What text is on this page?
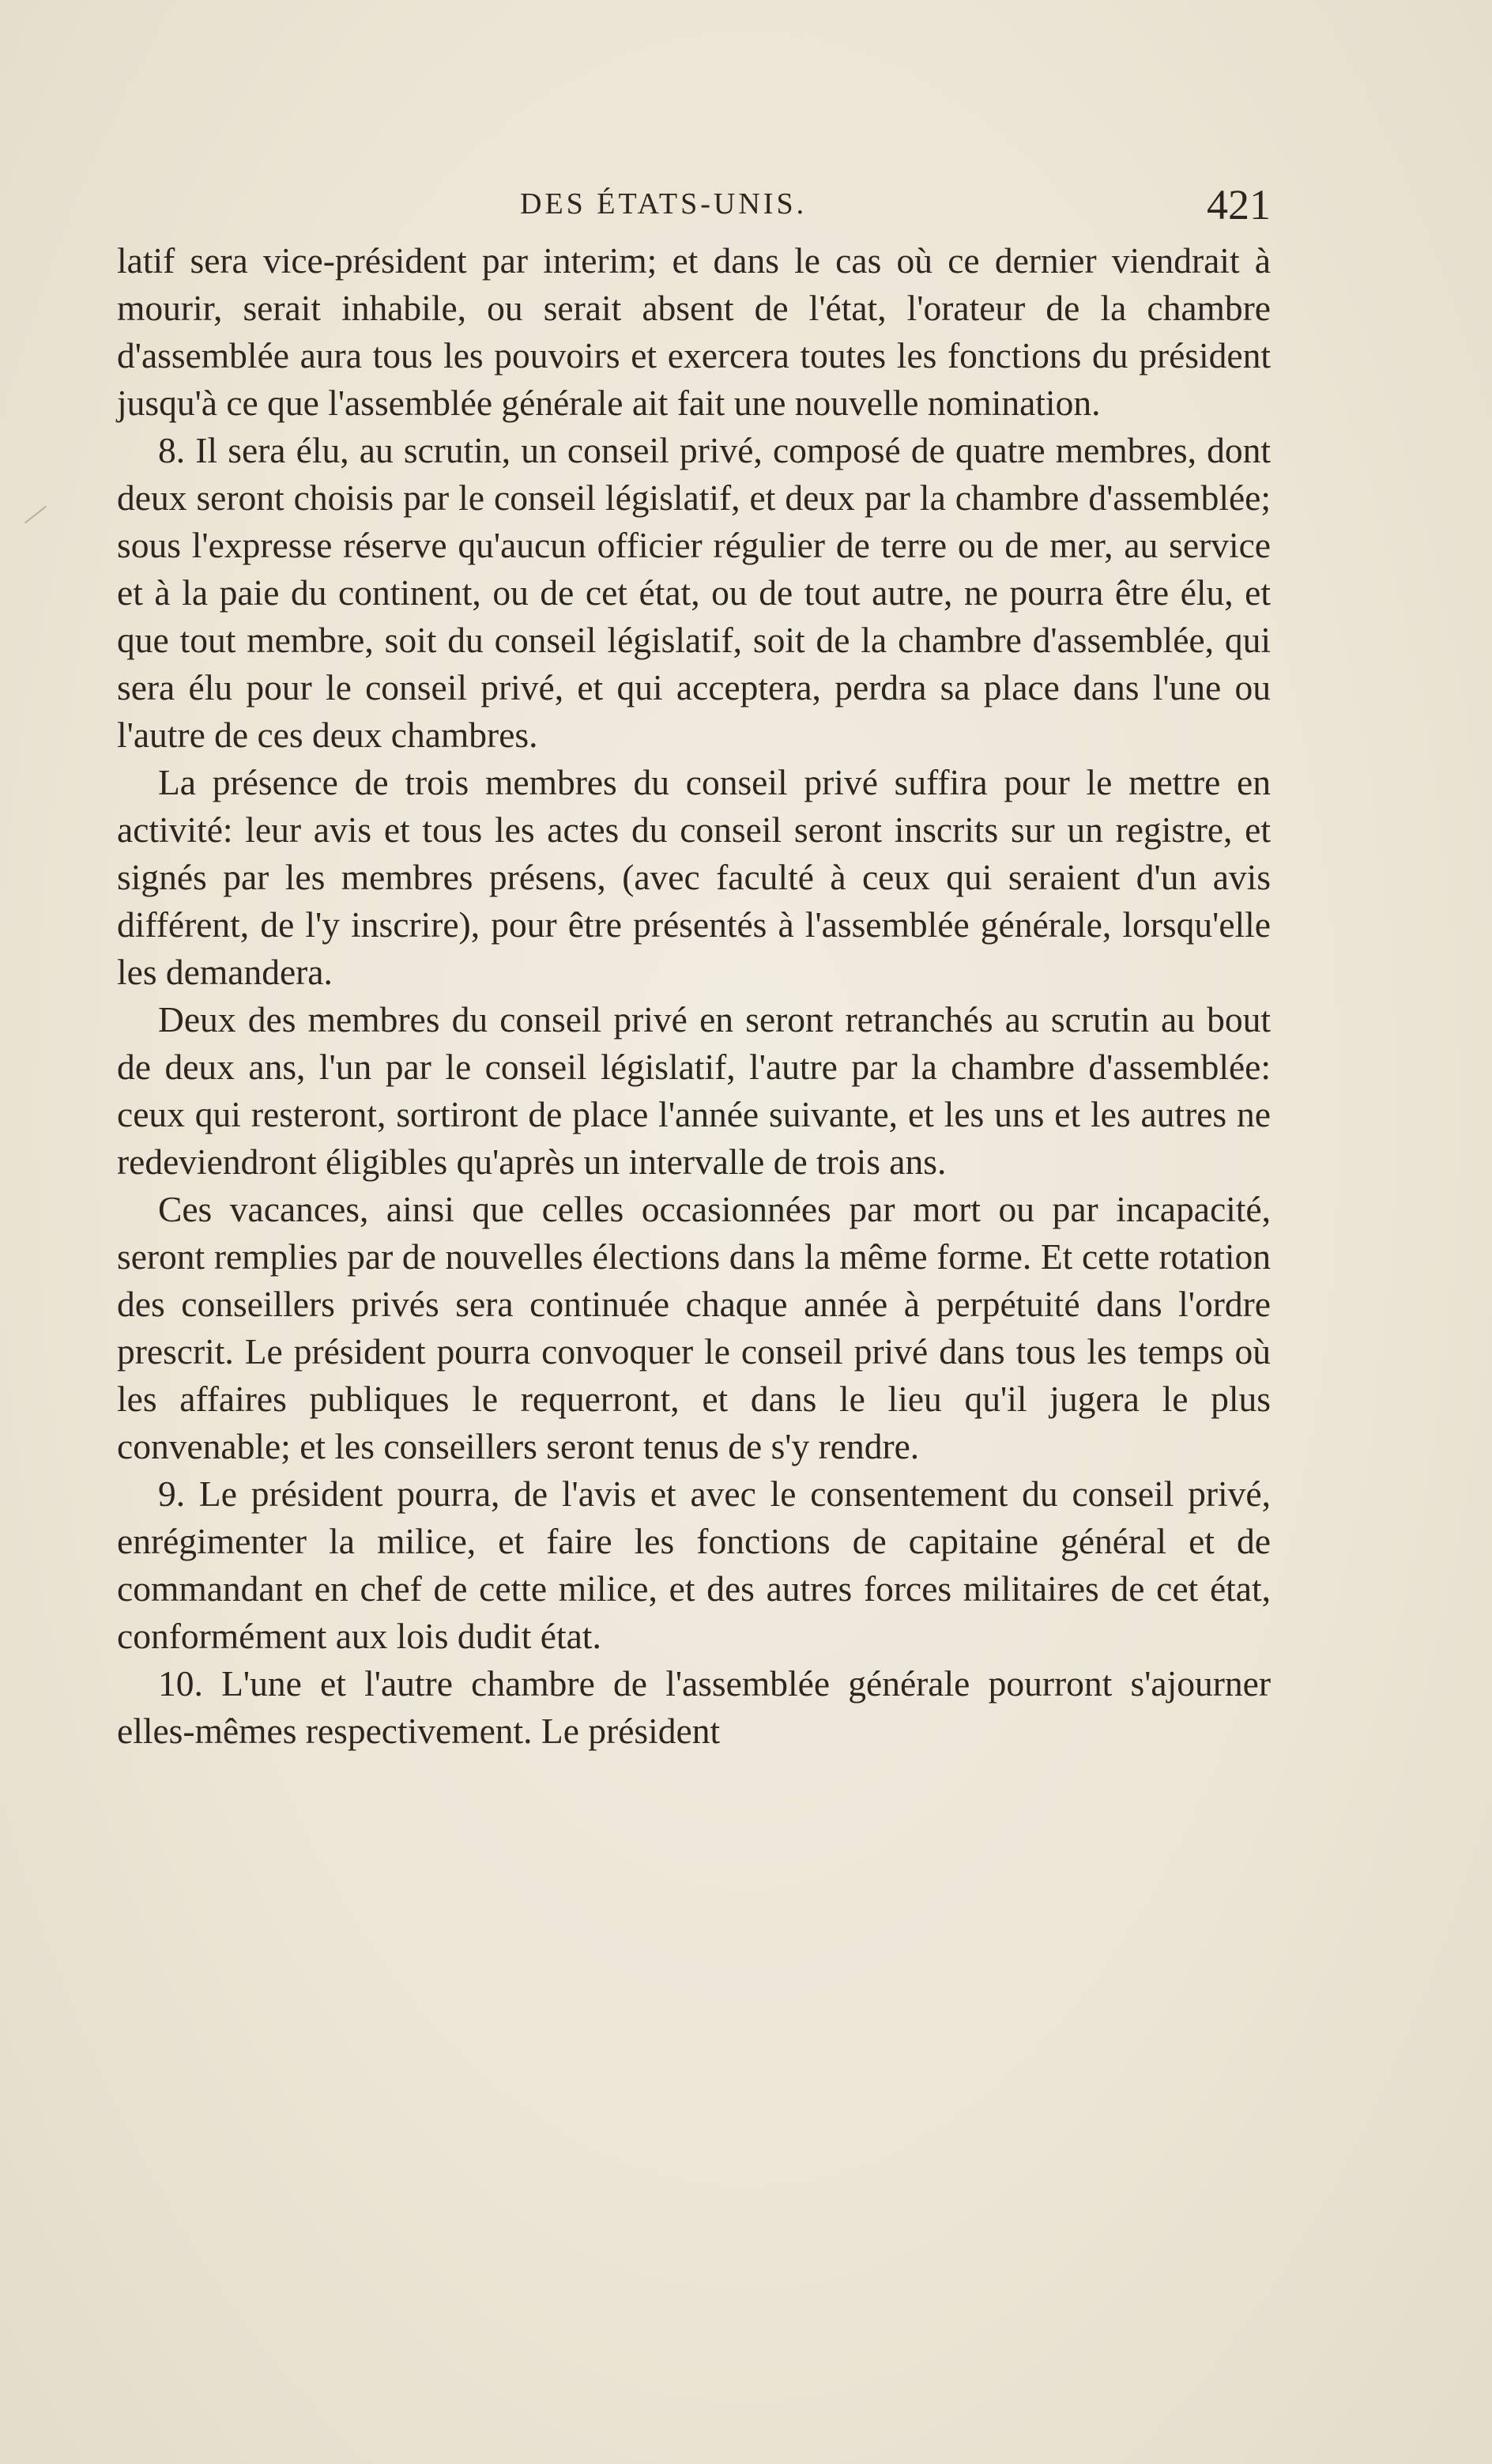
DES ÉTATS-UNIS.	421

latif sera vice-président par interim; et dans le cas où ce dernier viendrait à mourir, serait inhabile, ou serait absent de l'état, l'orateur de la chambre d'assemblée aura tous les pouvoirs et exercera toutes les fonctions du président jusqu'à ce que l'assemblée générale ait fait une nouvelle nomination.

8. Il sera élu, au scrutin, un conseil privé, composé de quatre membres, dont deux seront choisis par le conseil législatif, et deux par la chambre d'assemblée; sous l'expresse réserve qu'aucun officier régulier de terre ou de mer, au service et à la paie du continent, ou de cet état, ou de tout autre, ne pourra être élu, et que tout membre, soit du conseil législatif, soit de la chambre d'assemblée, qui sera élu pour le conseil privé, et qui acceptera, perdra sa place dans l'une ou l'autre de ces deux chambres.

La présence de trois membres du conseil privé suffira pour le mettre en activité: leur avis et tous les actes du conseil seront inscrits sur un registre, et signés par les membres présens, (avec faculté à ceux qui seraient d'un avis différent, de l'y inscrire), pour être présentés à l'assemblée générale, lorsqu'elle les demandera.

Deux des membres du conseil privé en seront retranchés au scrutin au bout de deux ans, l'un par le conseil législatif, l'autre par la chambre d'assemblée: ceux qui resteront, sortiront de place l'année suivante, et les uns et les autres ne redeviendront éligibles qu'après un intervalle de trois ans.

Ces vacances, ainsi que celles occasionnées par mort ou par incapacité, seront remplies par de nouvelles élections dans la même forme. Et cette rotation des conseillers privés sera continuée chaque année à perpétuité dans l'ordre prescrit. Le président pourra convoquer le conseil privé dans tous les temps où les affaires publiques le requerront, et dans le lieu qu'il jugera le plus convenable; et les conseillers seront tenus de s'y rendre.

9. Le président pourra, de l'avis et avec le consentement du conseil privé, enrégimenter la milice, et faire les fonctions de capitaine général et de commandant en chef de cette milice, et des autres forces militaires de cet état, conformément aux lois dudit état.

10. L'une et l'autre chambre de l'assemblée générale pourront s'ajourner elles-mêmes respectivement. Le président
